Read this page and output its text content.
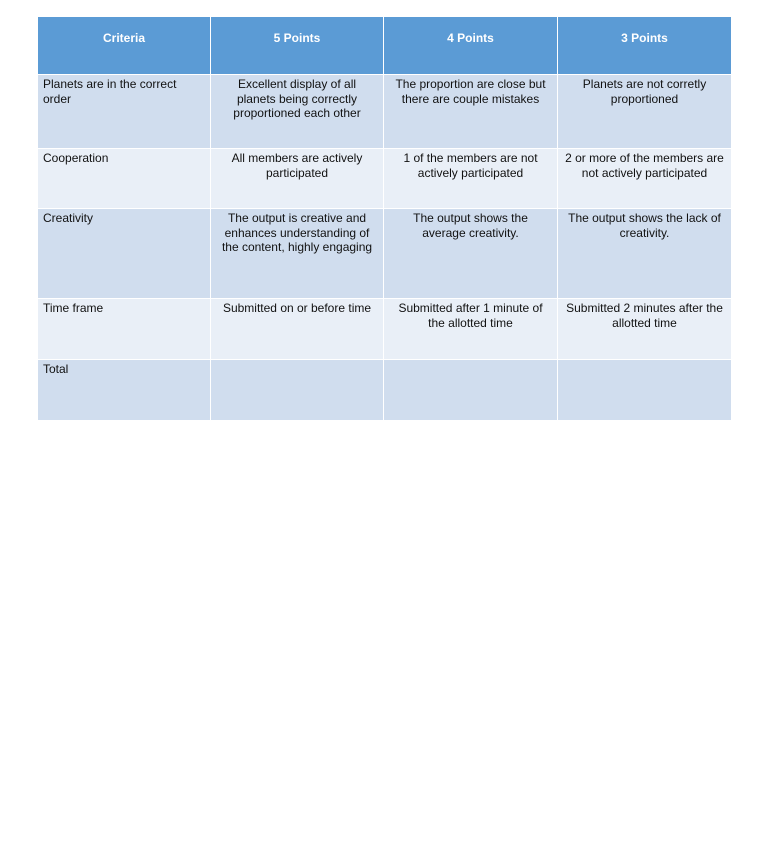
Criteria	5 Points	4 Points	3 Points
Planets are in the correct order	Excellent display of all planets being correctly proportioned each other	The proportion are close but there are couple mistakes	Planets are not corretly proportioned
Cooperation	All members are actively participated	1 of the members are not actively participated	2 or more of the members are not actively participated
Creativity	The output is creative and enhances understanding of the content, highly engaging	The output shows the average creativity.	The output shows the lack of creativity.
Time frame	Submitted on or before time	Submitted after 1 minute of the allotted time	Submitted 2 minutes after the allotted time
Total			
